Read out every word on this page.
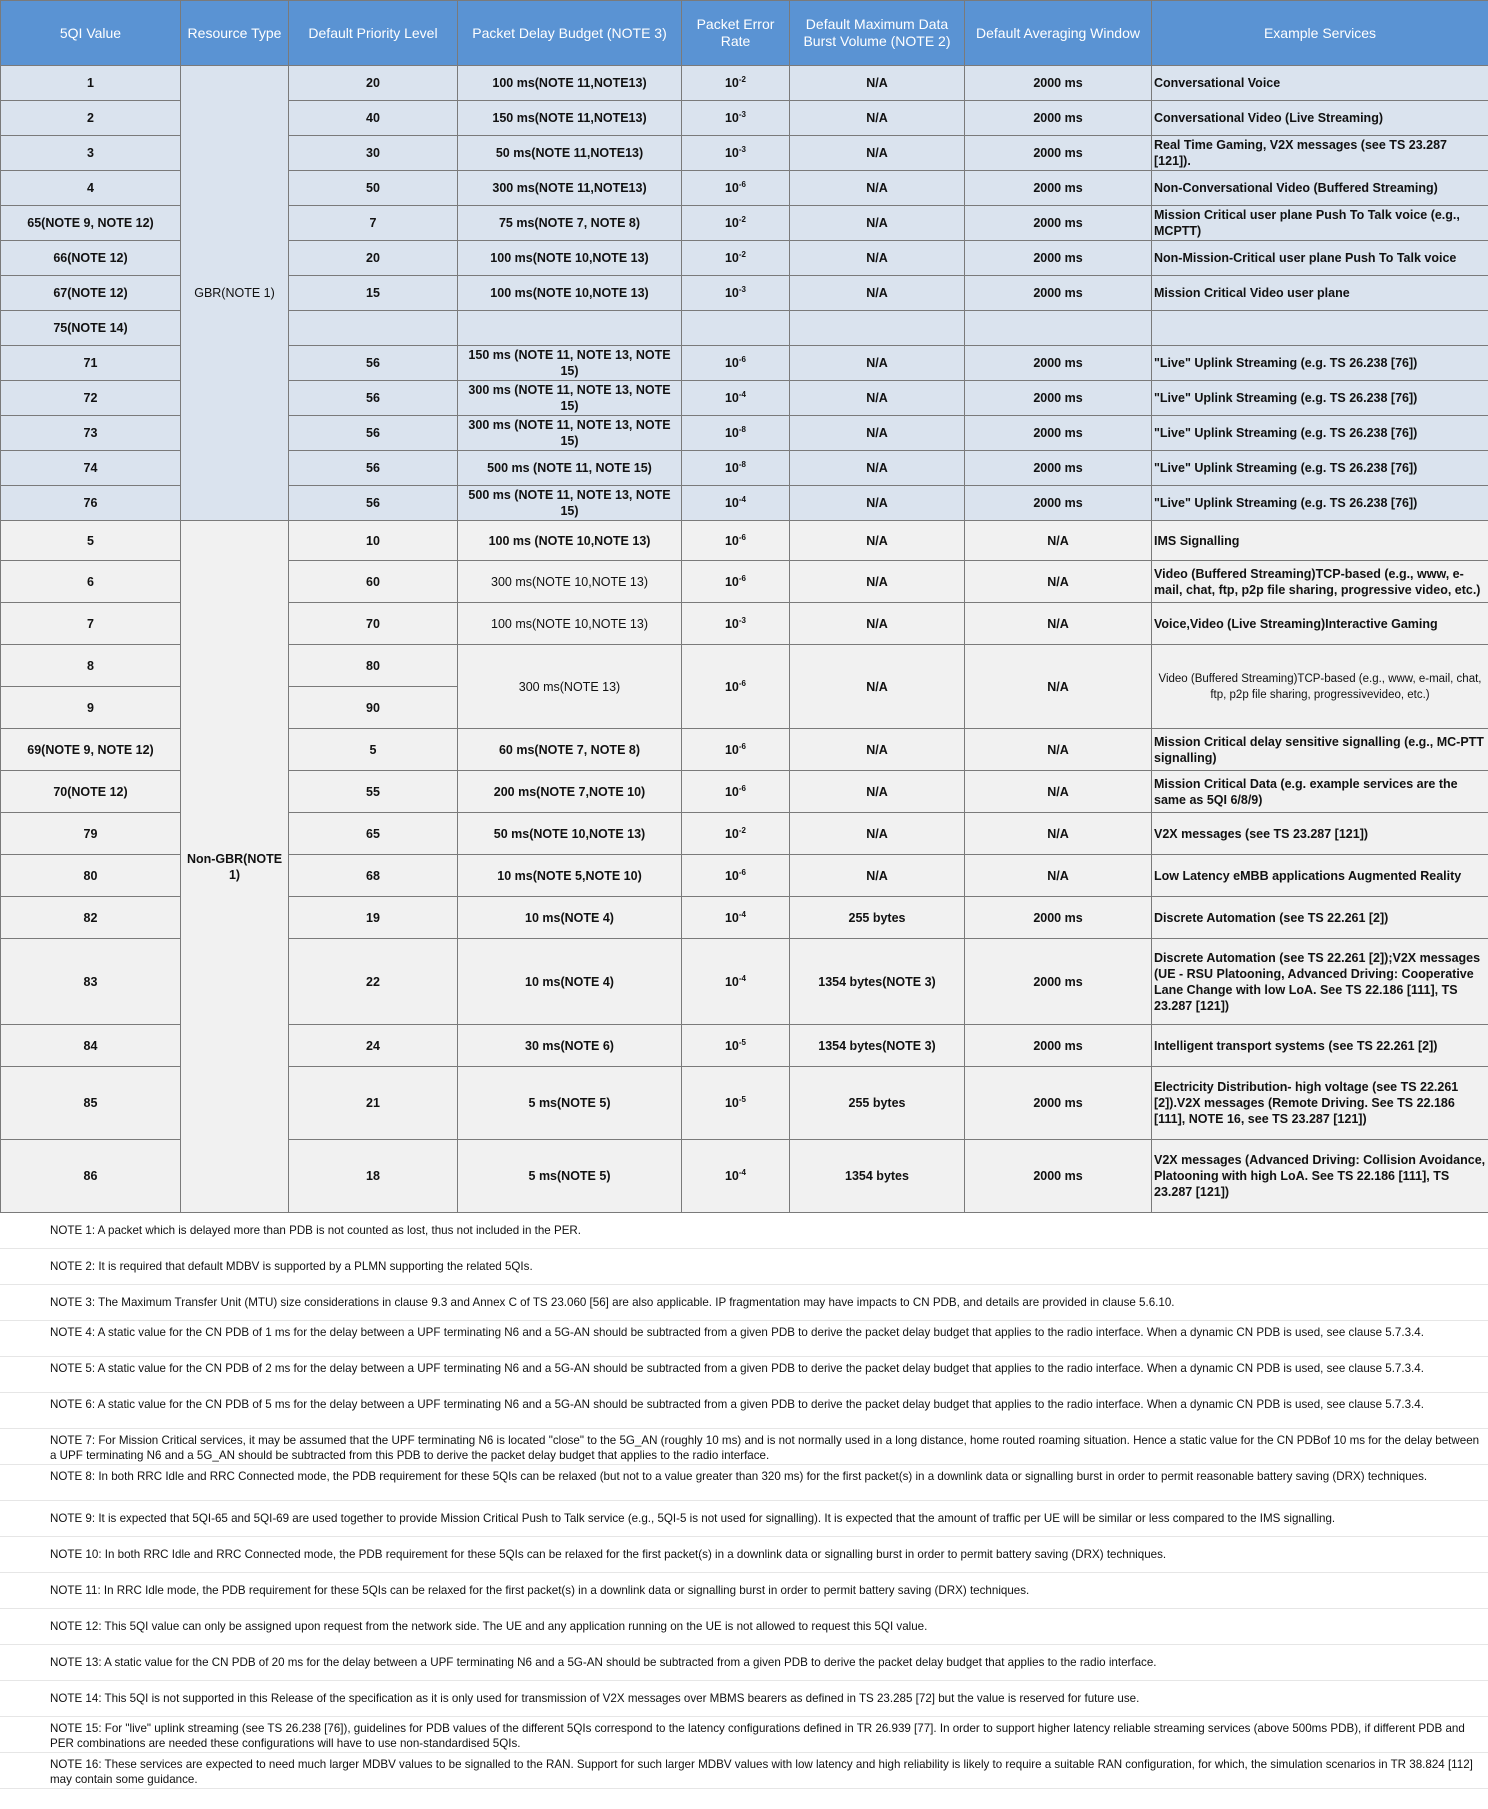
5QI Value	Resource Type	Default Priority Level	Packet Delay Budget (NOTE 3)	Packet Error Rate	Default Maximum Data Burst Volume (NOTE 2)	Default Averaging Window	Example Services
1	GBR(NOTE 1)	20	100 ms(NOTE 11,NOTE13)	$10^{-2}$	N/A	2000 ms	Conversational Voice
2		40	150 ms(NOTE 11,NOTE13)	$10^{-3}$	N/A	2000 ms	Conversational Video (Live Streaming)
3		30	50 ms(NOTE 11,NOTE13)	$10^{-3}$	N/A	2000 ms	Real Time Gaming, V2X messages (see TS 23.287 [121]).
4		50	300 ms(NOTE 11,NOTE13)	$10^{-6}$	N/A	2000 ms	Non-Conversational Video (Buffered Streaming)
65(NOTE 9, NOTE 12)		7	75 ms(NOTE 7, NOTE 8)	$10^{-2}$	N/A	2000 ms	Mission Critical user plane Push To Talk voice (e.g., MCPTT)
66(NOTE 12)		20	100 ms(NOTE 10,NOTE 13)	$10^{-2}$	N/A	2000 ms	Non-Mission-Critical user plane Push To Talk voice
67(NOTE 12)		15	100 ms(NOTE 10,NOTE 13)	$10^{-3}$	N/A	2000 ms	Mission Critical Video user plane
75(NOTE 14)							
71		56	150 ms (NOTE 11, NOTE 13, NOTE 15)	$10^{-6}$	N/A	2000 ms	"Live" Uplink Streaming (e.g. TS 26.238 [76])
72		56	300 ms (NOTE 11, NOTE 13, NOTE 15)	$10^{-4}$	N/A	2000 ms	"Live" Uplink Streaming (e.g. TS 26.238 [76])
73		56	300 ms (NOTE 11, NOTE 13, NOTE 15)	$10^{-8}$	N/A	2000 ms	"Live" Uplink Streaming (e.g. TS 26.238 [76])
74		56	500 ms (NOTE 11, NOTE 15)	$10^{-8}$	N/A	2000 ms	"Live" Uplink Streaming (e.g. TS 26.238 [76])
76		56	500 ms (NOTE 11, NOTE 13, NOTE 15)	$10^{-4}$	N/A	2000 ms	"Live" Uplink Streaming (e.g. TS 26.238 [76])
5	Non-GBR(NOTE 1)	10	100 ms (NOTE 10,NOTE 13)	$10^{-6}$	N/A	N/A	IMS Signalling
6		60	300 ms(NOTE 10,NOTE 13)	$10^{-6}$	N/A	N/A	Video (Buffered Streaming)TCP-based (e.g., www, e-mail, chat, ftp, p2p file sharing, progressive video, etc.)
7		70	100 ms(NOTE 10,NOTE 13)	$10^{-3}$	N/A	N/A	Voice,Video (Live Streaming)Interactive Gaming
8		80	300 ms(NOTE 13)	$10^{-6}$	N/A	N/A	Video (Buffered Streaming)TCP-based (e.g., www, e-mail, chat, ftp, p2p file sharing, progressivevideo, etc.)
9		90					
69(NOTE 9, NOTE 12)		5	60 ms(NOTE 7, NOTE 8)	$10^{-6}$	N/A	N/A	Mission Critical delay sensitive signalling (e.g., MC-PTT signalling)
70(NOTE 12)		55	200 ms(NOTE 7,NOTE 10)	$10^{-6}$	N/A	N/A	Mission Critical Data (e.g. example services are the same as 5QI 6/8/9)
79		65	50 ms(NOTE 10,NOTE 13)	$10^{-2}$	N/A	N/A	V2X messages (see TS 23.287 [121])
80		68	10 ms(NOTE 5,NOTE 10)	$10^{-6}$	N/A	N/A	Low Latency eMBB applications Augmented Reality
82		19	10 ms(NOTE 4)	$10^{-4}$	255 bytes	2000 ms	Discrete Automation (see TS 22.261 [2])
83		22	10 ms(NOTE 4)	$10^{-4}$	1354 bytes(NOTE 3)	2000 ms	Discrete Automation (see TS 22.261 [2]);V2X messages (UE - RSU Platooning, Advanced Driving: Cooperative Lane Change with low LoA. See TS 22.186 [111], TS 23.287 [121])
84		24	30 ms(NOTE 6)	$10^{-5}$	1354 bytes(NOTE 3)	2000 ms	Intelligent transport systems (see TS 22.261 [2])
85		21	5 ms(NOTE 5)	$10^{-5}$	255 bytes	2000 ms	Electricity Distribution- high voltage (see TS 22.261 [2]).V2X messages (Remote Driving. See TS 22.186 [111], NOTE 16, see TS 23.287 [121])
86		18	5 ms(NOTE 5)	$10^{-4}$	1354 bytes	2000 ms	V2X messages (Advanced Driving: Collision Avoidance, Platooning with high LoA. See TS 22.186 [111], TS 23.287 [121])
NOTE 1: A packet which is delayed more than PDB is not counted as lost, thus not included in the PER.
NOTE 2: It is required that default MDBV is supported by a PLMN supporting the related 5QIs.
NOTE 3: The Maximum Transfer Unit (MTU) size considerations in clause 9.3 and Annex C of TS 23.060 [56] are also applicable. IP fragmentation may have impacts to CN PDB, and details are provided in clause 5.6.10.
NOTE 4: A static value for the CN PDB of 1 ms for the delay between a UPF terminating N6 and a 5G-AN should be subtracted from a given PDB to derive the packet delay budget that applies to the radio interface. When a dynamic CN PDB is used, see clause 5.7.3.4.
NOTE 5: A static value for the CN PDB of 2 ms for the delay between a UPF terminating N6 and a 5G-AN should be subtracted from a given PDB to derive the packet delay budget that applies to the radio interface. When a dynamic CN PDB is used, see clause 5.7.3.4.
NOTE 6: A static value for the CN PDB of 5 ms for the delay between a UPF terminating N6 and a 5G-AN should be subtracted from a given PDB to derive the packet delay budget that applies to the radio interface. When a dynamic CN PDB is used, see clause 5.7.3.4.
NOTE 7: For Mission Critical services, it may be assumed that the UPF terminating N6 is located "close" to the 5G_AN (roughly 10 ms) and is not normally used in a long distance, home routed roaming situation. Hence a static value for the CN PDBof 10 ms for the delay between a UPF terminating N6 and a 5G_AN should be subtracted from this PDB to derive the packet delay budget that applies to the radio interface.
NOTE 8: In both RRC Idle and RRC Connected mode, the PDB requirement for these 5QIs can be relaxed (but not to a value greater than 320 ms) for the first packet(s) in a downlink data or signalling burst in order to permit reasonable battery saving (DRX) techniques.
NOTE 9: It is expected that 5QI-65 and 5QI-69 are used together to provide Mission Critical Push to Talk service (e.g., 5QI-5 is not used for signalling). It is expected that the amount of traffic per UE will be similar or less compared to the IMS signalling.
NOTE 10: In both RRC Idle and RRC Connected mode, the PDB requirement for these 5QIs can be relaxed for the first packet(s) in a downlink data or signalling burst in order to permit battery saving (DRX) techniques.
NOTE 11: In RRC Idle mode, the PDB requirement for these 5QIs can be relaxed for the first packet(s) in a downlink data or signalling burst in order to permit battery saving (DRX) techniques.
NOTE 12: This 5QI value can only be assigned upon request from the network side. The UE and any application running on the UE is not allowed to request this 5QI value.
NOTE 13: A static value for the CN PDB of 20 ms for the delay between a UPF terminating N6 and a 5G-AN should be subtracted from a given PDB to derive the packet delay budget that applies to the radio interface.
NOTE 14: This 5QI is not supported in this Release of the specification as it is only used for transmission of V2X messages over MBMS bearers as defined in TS 23.285 [72] but the value is reserved for future use.
NOTE 15: For "live" uplink streaming (see TS 26.238 [76]), guidelines for PDB values of the different 5QIs correspond to the latency configurations defined in TR 26.939 [77]. In order to support higher latency reliable streaming services (above 500ms PDB), if different PDB and PER combinations are needed these configurations will have to use non-standardised 5QIs.
NOTE 16: These services are expected to need much larger MDBV values to be signalled to the RAN. Support for such larger MDBV values with low latency and high reliability is likely to require a suitable RAN configuration, for which, the simulation scenarios in TR 38.824 [112] may contain some guidance.
